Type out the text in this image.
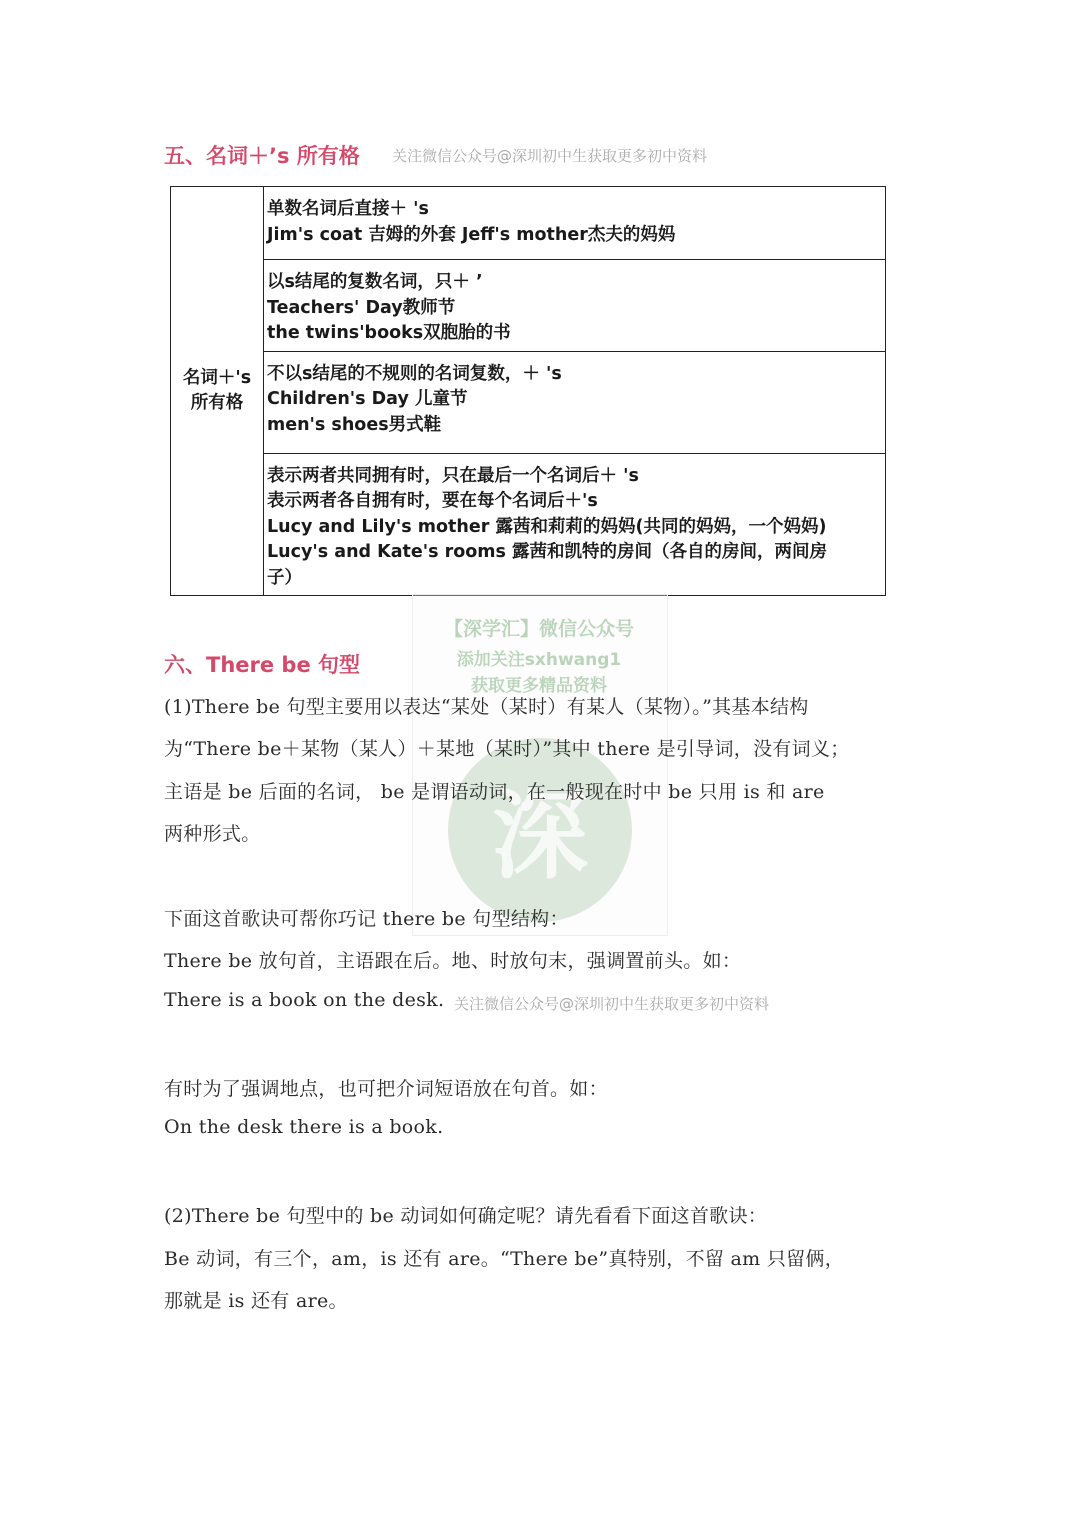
五、名词＋’s 所有格 关注微信公众号@深圳初中生获取更多初中资料
名词＋'s
所有格

单数名词后直接＋ 's
Jim's coat 吉姆的外套 Jeff's mother杰夫的妈妈

以s结尾的复数名词，只＋ ’
Teachers' Day教师节
the twins'books双胞胎的书

不以s结尾的不规则的名词复数，＋ 's
Children's Day 儿童节
men's shoes男式鞋

表示两者共同拥有时，只在最后一个名词后＋ 's
表示两者各自拥有时，要在每个名词后＋'s
Lucy and Lily's mother 露茜和莉莉的妈妈(共同的妈妈，一个妈妈)
Lucy's and Kate's rooms 露茜和凯特的房间（各自的房间，两间房
子）
【深学汇】微信公众号
添加关注sxhwang1
获取更多精品资料
深
六、There be 句型
(1)There be 句型主要用以表达“某处（某时）有某人（某物）。”其基本结构
为“There be＋某物（某人）＋某地（某时）”其中 there 是引导词，没有词义；
主语是 be 后面的名词， be 是谓语动词，在一般现在时中 be 只用 is 和 are
两种形式。
下面这首歌诀可帮你巧记 there be 句型结构：
There be 放句首，主语跟在后。地、时放句末，强调置前头。如：
There is a book on the desk. 关注微信公众号@深圳初中生获取更多初中资料
有时为了强调地点，也可把介词短语放在句首。如：
On the desk there is a book.
(2)There be 句型中的 be 动词如何确定呢？请先看看下面这首歌诀：
Be 动词，有三个，am，is 还有 are。“There be”真特别，不留 am 只留俩，
那就是 is 还有 are。
